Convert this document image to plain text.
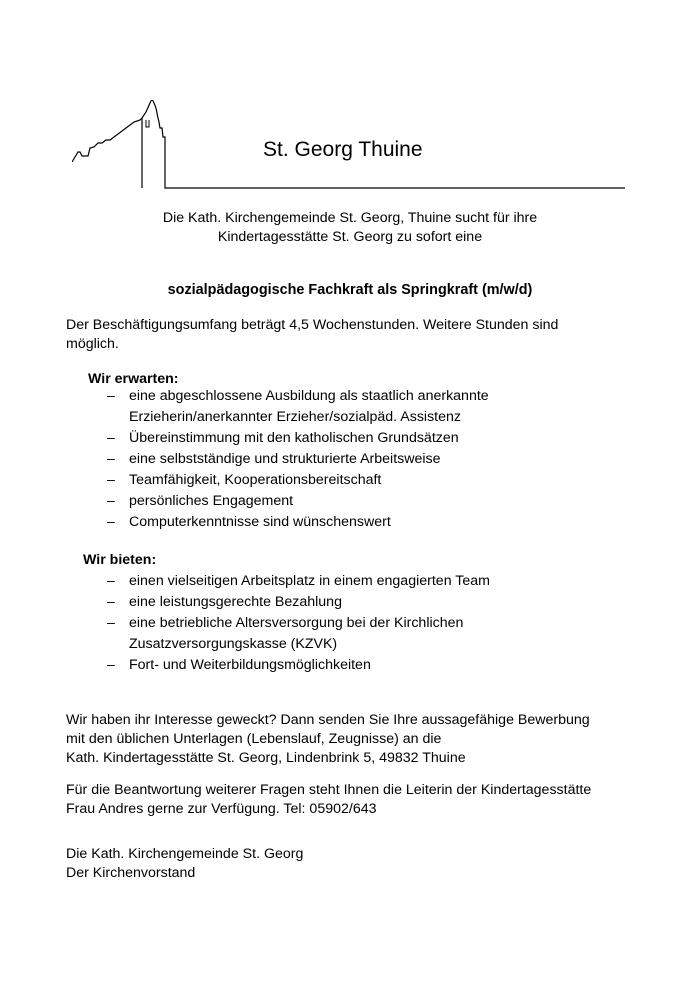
St. Georg Thuine
Die Kath. Kirchengemeinde St. Georg, Thuine sucht für ihre
Kindertagesstätte St. Georg zu sofort eine
sozialpädagogische Fachkraft als Springkraft (m/w/d)
Der Beschäftigungsumfang beträgt 4,5 Wochenstunden. Weitere Stunden sind
möglich.
Wir erwarten:
– eine abgeschlossene Ausbildung als staatlich anerkannte
Erzieherin/anerkannter Erzieher/sozialpäd. Assistenz
– Übereinstimmung mit den katholischen Grundsätzen
– eine selbstständige und strukturierte Arbeitsweise
– Teamfähigkeit, Kooperationsbereitschaft
– persönliches Engagement
– Computerkenntnisse sind wünschenswert
Wir bieten:
– einen vielseitigen Arbeitsplatz in einem engagierten Team
– eine leistungsgerechte Bezahlung
– eine betriebliche Altersversorgung bei der Kirchlichen
Zusatzversorgungskasse (KZVK)
– Fort- und Weiterbildungsmöglichkeiten
Wir haben ihr Interesse geweckt? Dann senden Sie Ihre aussagefähige Bewerbung
mit den üblichen Unterlagen (Lebenslauf, Zeugnisse) an die
Kath. Kindertagesstätte St. Georg, Lindenbrink 5, 49832 Thuine
Für die Beantwortung weiterer Fragen steht Ihnen die Leiterin der Kindertagesstätte
Frau Andres gerne zur Verfügung. Tel: 05902/643
Die Kath. Kirchengemeinde St. Georg
Der Kirchenvorstand
